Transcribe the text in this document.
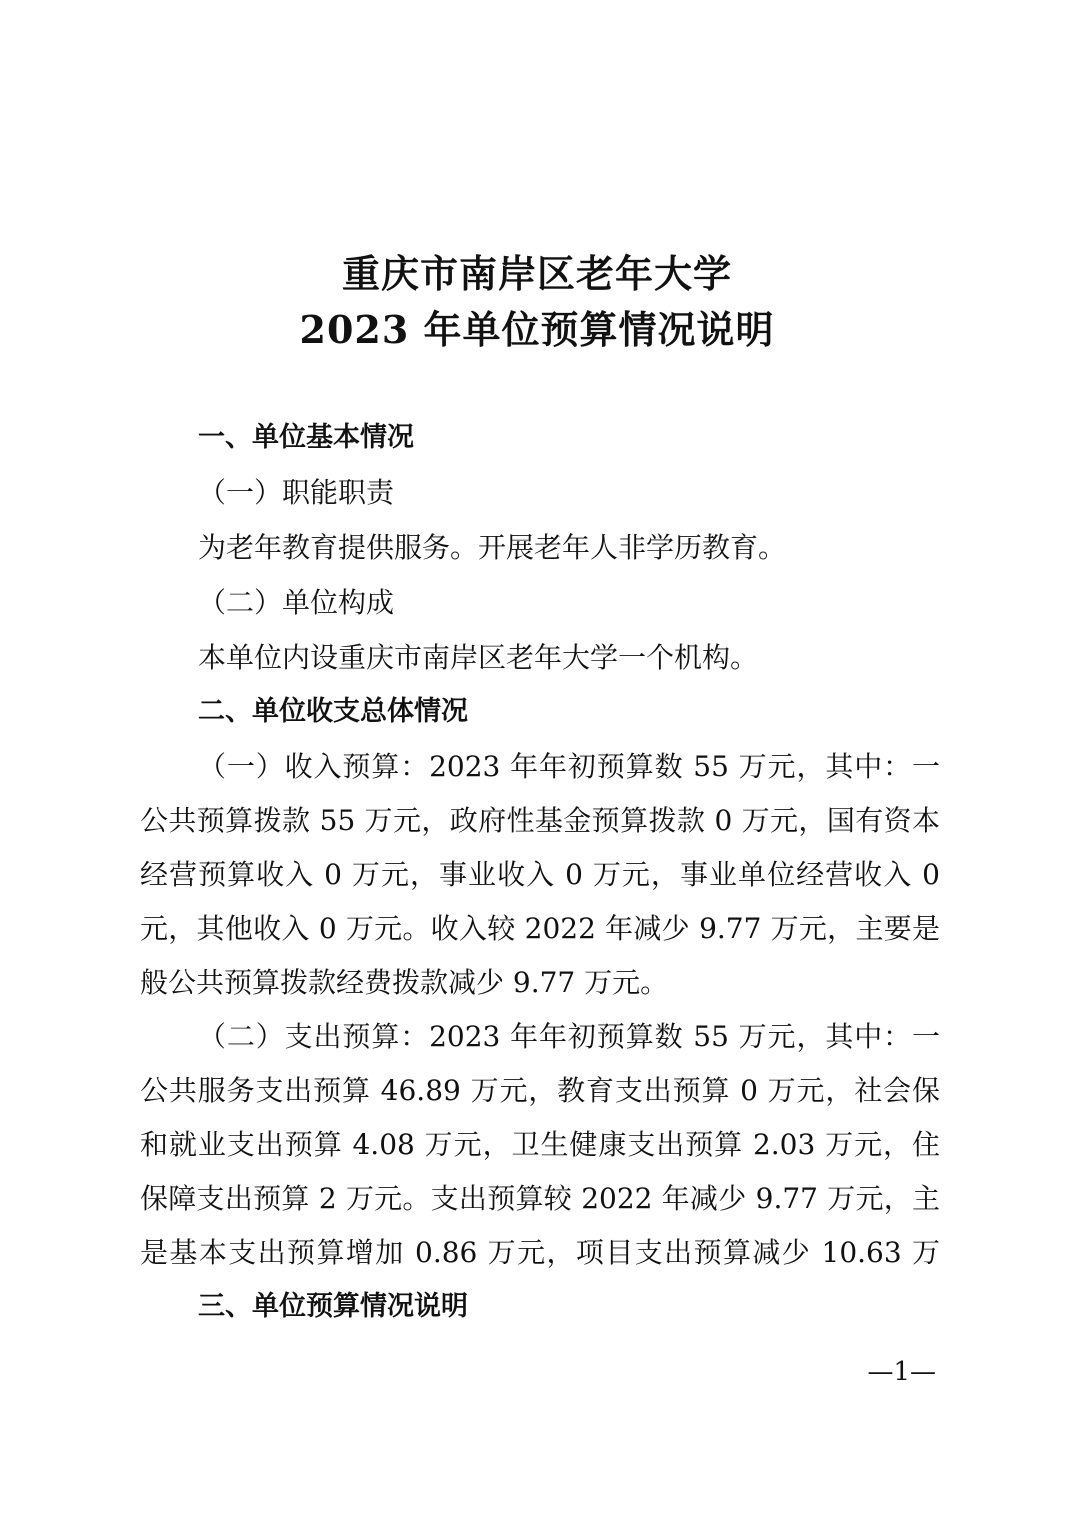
重庆市南岸区老年大学
2023 年单位预算情况说明
一、单位基本情况
（一）职能职责
为老年教育提供服务。开展老年人非学历教育。
（二）单位构成
本单位内设重庆市南岸区老年大学一个机构。
二、单位收支总体情况
（一）收入预算：2023 年年初预算数 55 万元，其中：一
公共预算拨款 55 万元，政府性基金预算拨款 0 万元，国有资本
经营预算收入 0 万元，事业收入 0 万元，事业单位经营收入 0
元，其他收入 0 万元。收入较 2022 年减少 9.77 万元，主要是
般公共预算拨款经费拨款减少 9.77 万元。
（二）支出预算：2023 年年初预算数 55 万元，其中：一
公共服务支出预算 46.89 万元，教育支出预算 0 万元，社会保
和就业支出预算 4.08 万元，卫生健康支出预算 2.03 万元，住
保障支出预算 2 万元。支出预算较 2022 年减少 9.77 万元，主
是基本支出预算增加 0.86 万元，项目支出预算减少 10.63 万
三、单位预算情况说明
—1—
